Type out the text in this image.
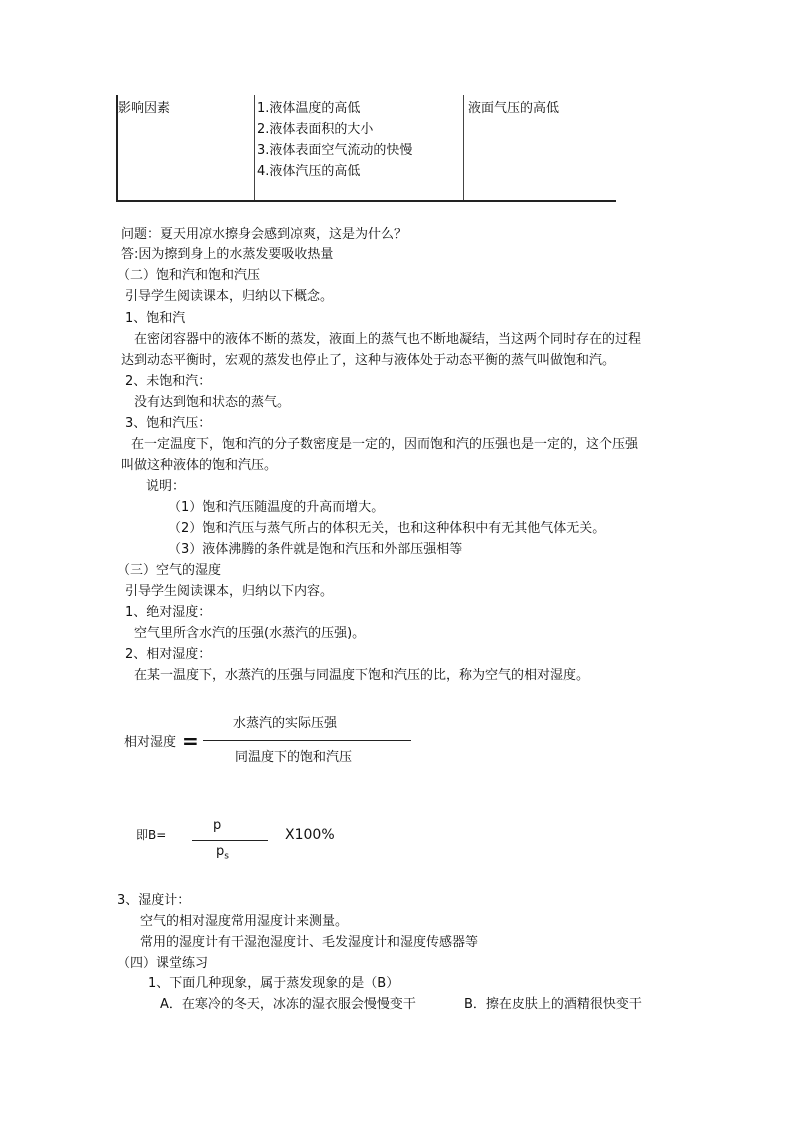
影响因素	1.液体温度的高低
2.液体表面积的大小
3.液体表面空气流动的快慢
4.液体汽压的高低
液面气压的高低
问题：夏天用凉水擦身会感到凉爽，这是为什么？
答:因为擦到身上的水蒸发要吸收热量
（二）饱和汽和饱和汽压
引导学生阅读课本，归纳以下概念。
1、饱和汽
在密闭容器中的液体不断的蒸发，液面上的蒸气也不断地凝结，当这两个同时存在的过程
达到动态平衡时，宏观的蒸发也停止了，这种与液体处于动态平衡的蒸气叫做饱和汽。
2、未饱和汽：
没有达到饱和状态的蒸气。
3、饱和汽压：
在一定温度下，饱和汽的分子数密度是一定的，因而饱和汽的压强也是一定的，这个压强
叫做这种液体的饱和汽压。
说明：
（1）饱和汽压随温度的升高而增大。
（2）饱和汽压与蒸气所占的体积无关，也和这种体积中有无其他气体无关。
（3）液体沸腾的条件就是饱和汽压和外部压强相等
（三）空气的湿度
引导学生阅读课本，归纳以下内容。
1、绝对湿度：
空气里所含水汽的压强(水蒸汽的压强)。
2、相对湿度：
在某一温度下，水蒸汽的压强与同温度下饱和汽压的比，称为空气的相对湿度。
相对湿度 =
水蒸汽的实际压强
同温度下的饱和汽压
即B=
p
$p_s$
X100%
3、湿度计：
空气的相对湿度常用湿度计来测量。
常用的湿度计有干湿泡湿度计、毛发湿度计和湿度传感器等
（四）课堂练习
1、下面几种现象，属于蒸发现象的是（B）
A．在寒冷的冬天，冰冻的湿衣服会慢慢变干	B．擦在皮肤上的酒精很快变干
